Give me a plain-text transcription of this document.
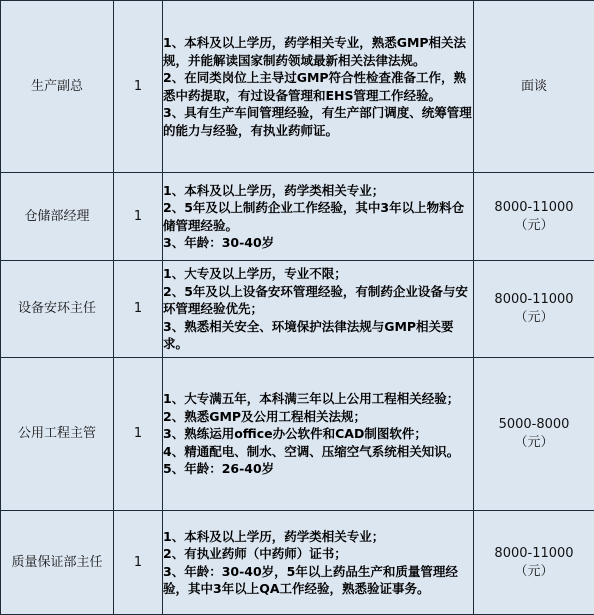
生产副总	1	1、本科及以上学历，药学相关专业，熟悉GMP相关法规，并能解读国家制药领域最新相关法律法规。
2、在同类岗位上主导过GMP符合性检查准备工作，熟悉中药提取，有过设备管理和EHS管理工作经验。
3、具有生产车间管理经验，有生产部门调度、统筹管理的能力与经验，有执业药师证。	面谈

仓储部经理	1	1、本科及以上学历，药学类相关专业；
2、5年及以上制药企业工作经验，其中3年以上物料仓储管理经验。
3、年龄：30-40岁	8000-11000
（元）

设备安环主任	1	1、大专及以上学历，专业不限；
2、5年及以上设备安环管理经验，有制药企业设备与安环管理经验优先；
3、熟悉相关安全、环境保护法律法规与GMP相关要求。	8000-11000
（元）

公用工程主管	1	1、大专满五年，本科满三年以上公用工程相关经验；
2、熟悉GMP及公用工程相关法规；
3、熟练运用office办公软件和CAD制图软件；
4、精通配电、制水、空调、压缩空气系统相关知识。
5、年龄：26-40岁	5000-8000
（元）

质量保证部主任	1	1、本科及以上学历，药学类相关专业；
2、有执业药师（中药师）证书；
3、年龄：30-40岁，5年以上药品生产和质量管理经验，其中3年以上QA工作经验，熟悉验证事务。	8000-11000
（元）
